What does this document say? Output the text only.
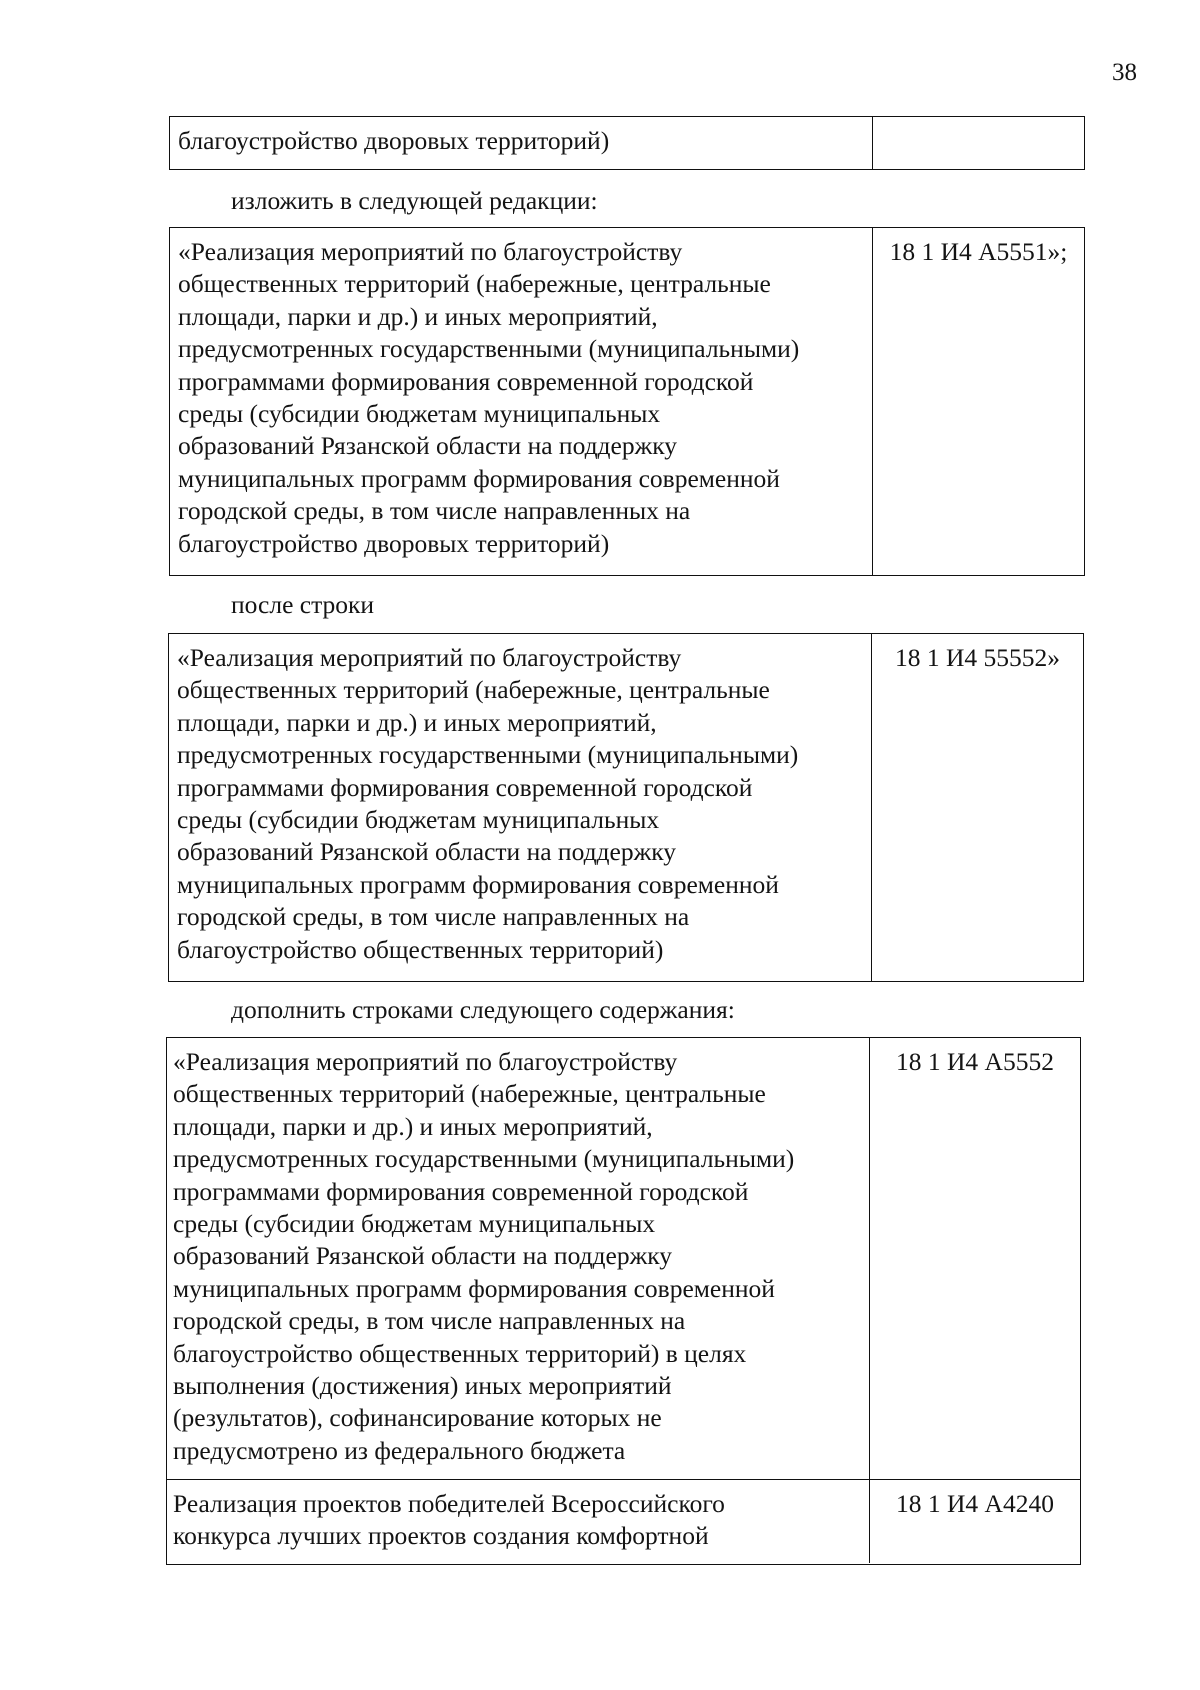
38
благоустройство дворовых территорий)
изложить в следующей редакции:
«Реализация мероприятий по благоустройству
общественных территорий (набережные, центральные
площади, парки и др.) и иных мероприятий,
предусмотренных государственными (муниципальными)
программами формирования современной городской
среды (субсидии бюджетам муниципальных
образований Рязанской области на поддержку
муниципальных программ формирования современной
городской среды, в том числе направленных на
благоустройство дворовых территорий)
18 1 И4 А5551»;
после строки
«Реализация мероприятий по благоустройству
общественных территорий (набережные, центральные
площади, парки и др.) и иных мероприятий,
предусмотренных государственными (муниципальными)
программами формирования современной городской
среды (субсидии бюджетам муниципальных
образований Рязанской области на поддержку
муниципальных программ формирования современной
городской среды, в том числе направленных на
благоустройство общественных территорий)
18 1 И4 55552»
дополнить строками следующего содержания:
«Реализация мероприятий по благоустройству
общественных территорий (набережные, центральные
площади, парки и др.) и иных мероприятий,
предусмотренных государственными (муниципальными)
программами формирования современной городской
среды (субсидии бюджетам муниципальных
образований Рязанской области на поддержку
муниципальных программ формирования современной
городской среды, в том числе направленных на
благоустройство общественных территорий) в целях
выполнения (достижения) иных мероприятий
(результатов), софинансирование которых не
предусмотрено из федерального бюджета
18 1 И4 А5552
Реализация проектов победителей Всероссийского
конкурса лучших проектов создания комфортной
18 1 И4 А4240
